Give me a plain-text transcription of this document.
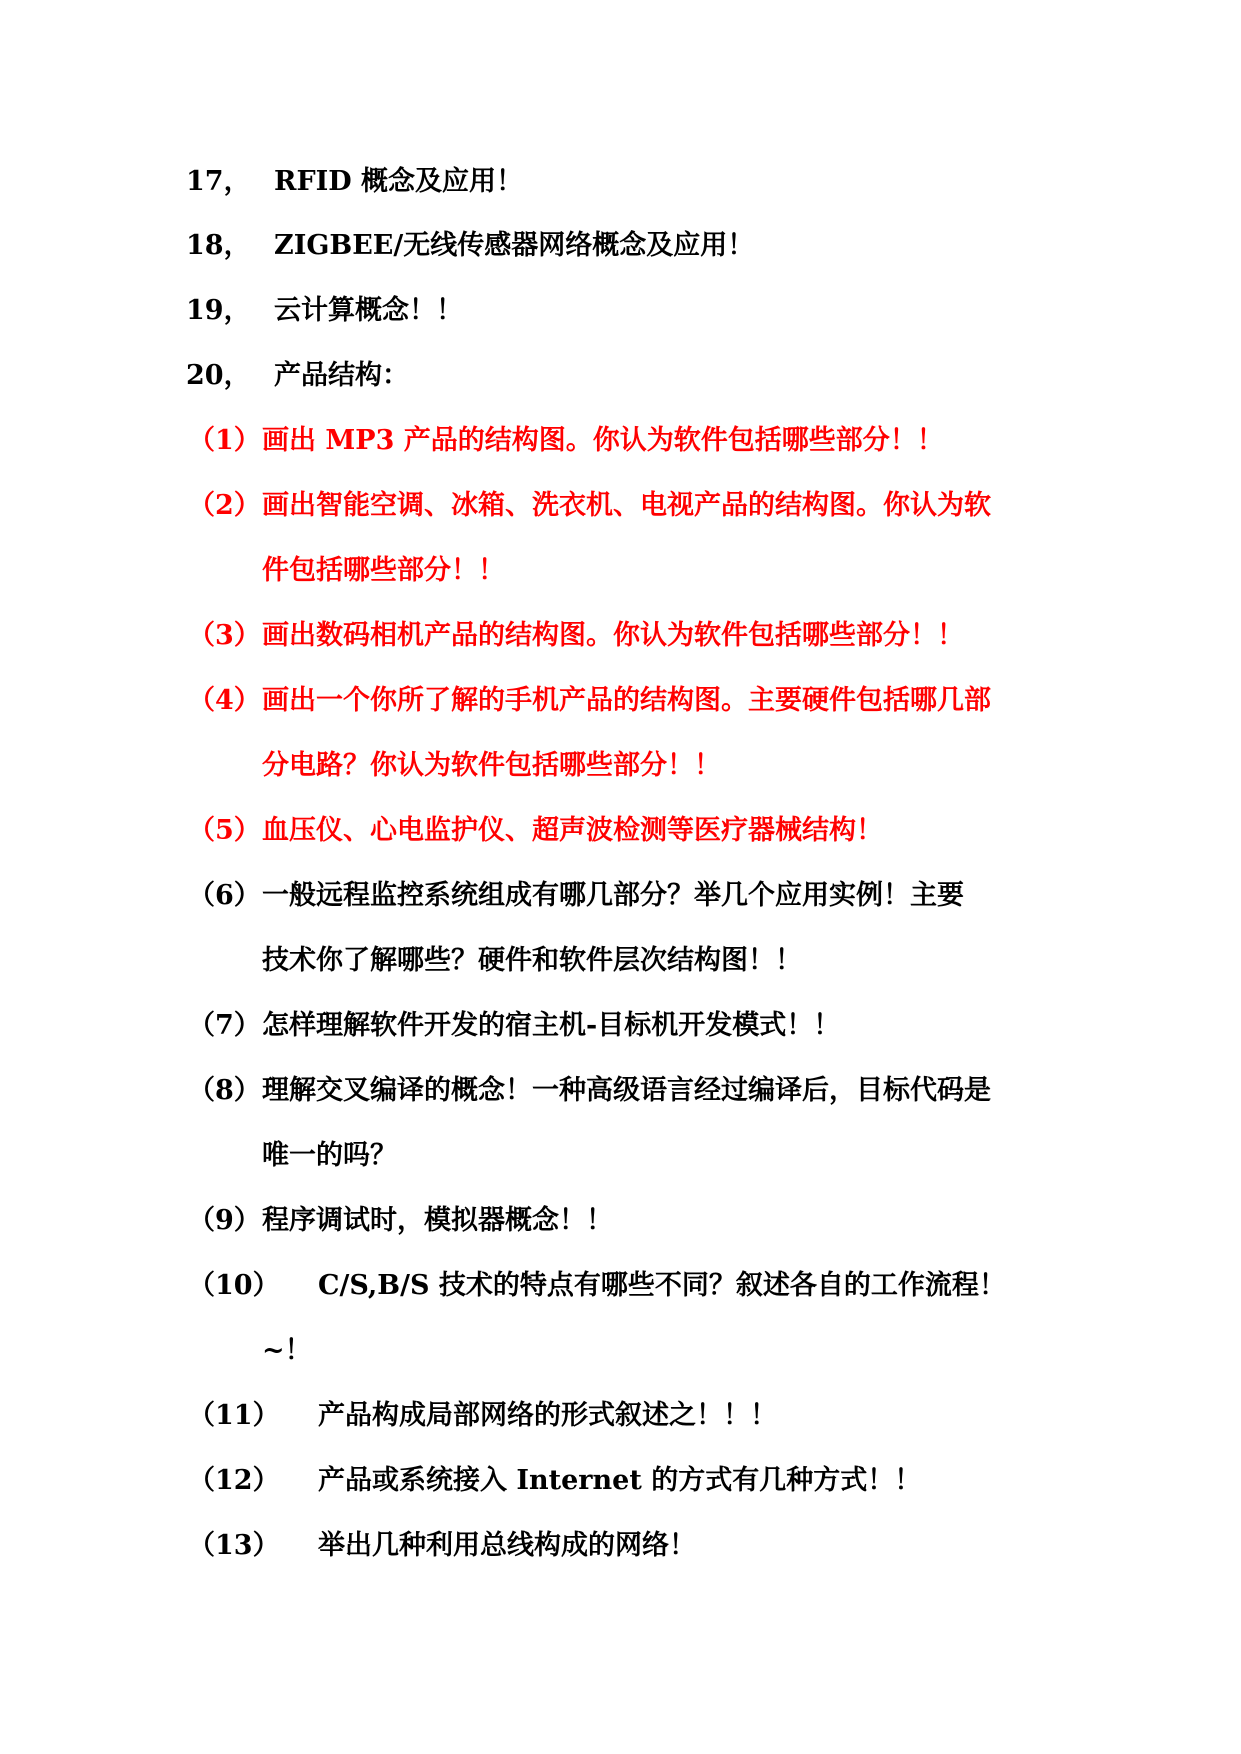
17， RFID 概念及应用！
18， ZIGBEE/无线传感器网络概念及应用！
19， 云计算概念！！
20， 产品结构：
（1） 画出 MP3 产品的结构图。你认为软件包括哪些部分！！
（2） 画出智能空调、冰箱、洗衣机、电视产品的结构图。你认为软
件包括哪些部分！！
（3） 画出数码相机产品的结构图。你认为软件包括哪些部分！！
（4） 画出一个你所了解的手机产品的结构图。主要硬件包括哪几部
分电路？你认为软件包括哪些部分！！
（5） 血压仪、心电监护仪、超声波检测等医疗器械结构！
（6） 一般远程监控系统组成有哪几部分？举几个应用实例！主要
技术你了解哪些？硬件和软件层次结构图！！
（7） 怎样理解软件开发的宿主机-目标机开发模式！！
（8） 理解交叉编译的概念！一种高级语言经过编译后，目标代码是
唯一的吗？
（9） 程序调试时，模拟器概念！！
（10） C/S,B/S 技术的特点有哪些不同？叙述各自的工作流程！
~！
（11） 产品构成局部网络的形式叙述之！！！
（12） 产品或系统接入 Internet 的方式有几种方式！！
（13） 举出几种利用总线构成的网络！
